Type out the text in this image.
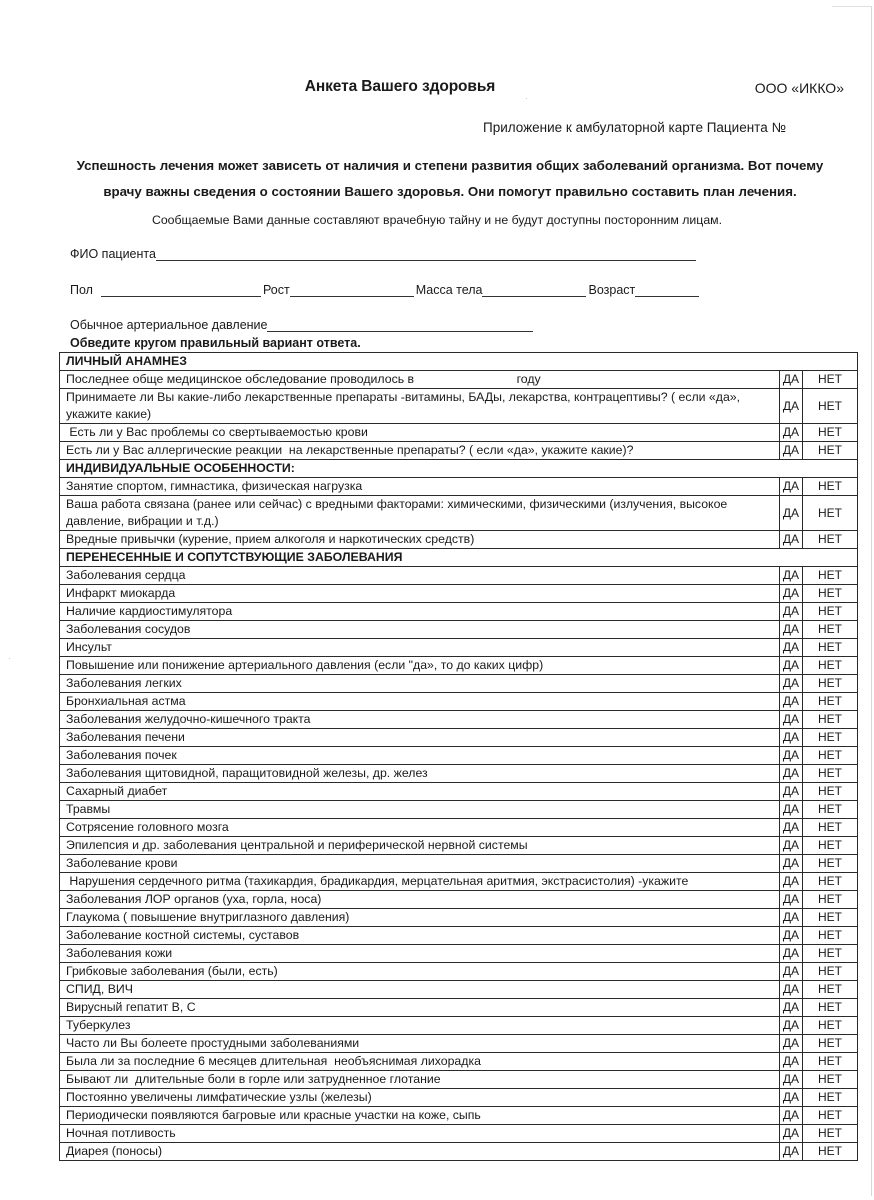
Анкета Вашего здоровья	ООО «ИККО»
Приложение к амбулаторной карте Пациента №
Успешность лечения может зависеть от наличия и степени развития общих заболеваний организма. Вот почему
врачу важны сведения о состоянии Вашего здоровья. Они помогут правильно составить план лечения.
Сообщаемые Вами данные составляют врачебную тайну и не будут доступны посторонним лицам.
ФИО пациента
Пол	Рост	Масса тела	Возраст
Обычное артериальное давление
Обведите кругом правильный вариант ответа.
ЛИЧНЫЙ АНАМНЕЗ		
Последнее обще медицинское обследование проводилось в                              году	ДА	НЕТ
Принимаете ли Вы какие-либо лекарственные препараты -витамины, БАДы, лекарства, контрацептивы? ( если «да», укажите какие)	ДА	НЕТ
Есть ли у Вас проблемы со свертываемостью крови	ДА	НЕТ
Есть ли у Вас аллергические реакции  на лекарственные препараты? ( если «да», укажите какие)?	ДА	НЕТ
ИНДИВИДУАЛЬНЫЕ ОСОБЕННОСТИ:		
Занятие спортом, гимнастика, физическая нагрузка	ДА	НЕТ
Ваша работа связана (ранее или сейчас) с вредными факторами: химическими, физическими (излучения, высокое давление, вибрации и т.д.)	ДА	НЕТ
Вредные привычки (курение, прием алкоголя и наркотических средств)	ДА	НЕТ
ПЕРЕНЕСЕННЫЕ И СОПУТСТВУЮЩИЕ ЗАБОЛЕВАНИЯ		
Заболевания сердца	ДА	НЕТ
Инфаркт миокарда	ДА	НЕТ
Наличие кардиостимулятора	ДА	НЕТ
Заболевания сосудов	ДА	НЕТ
Инсульт	ДА	НЕТ
Повышение или понижение артериального давления (если "да», то до каких цифр)	ДА	НЕТ
Заболевания легких	ДА	НЕТ
Бронхиальная астма	ДА	НЕТ
Заболевания желудочно-кишечного тракта	ДА	НЕТ
Заболевания печени	ДА	НЕТ
Заболевания почек	ДА	НЕТ
Заболевания щитовидной, паращитовидной железы, др. желез	ДА	НЕТ
Сахарный диабет	ДА	НЕТ
Травмы	ДА	НЕТ
Сотрясение головного мозга	ДА	НЕТ
Эпилепсия и др. заболевания центральной и периферической нервной системы	ДА	НЕТ
Заболевание крови	ДА	НЕТ
Нарушения сердечного ритма (тахикардия, брадикардия, мерцательная аритмия, экстрасистолия) -укажите	ДА	НЕТ
Заболевания ЛОР органов (уха, горла, носа)	ДА	НЕТ
Глаукома ( повышение внутриглазного давления)	ДА	НЕТ
Заболевание костной системы, суставов	ДА	НЕТ
Заболевания кожи	ДА	НЕТ
Грибковые заболевания (были, есть)	ДА	НЕТ
СПИД, ВИЧ	ДА	НЕТ
Вирусный гепатит В, С	ДА	НЕТ
Туберкулез	ДА	НЕТ
Часто ли Вы болеете простудными заболеваниями	ДА	НЕТ
Была ли за последние 6 месяцев длительная  необъяснимая лихорадка	ДА	НЕТ
Бывают ли  длительные боли в горле или затрудненное глотание	ДА	НЕТ
Постоянно увеличены лимфатические узлы (железы)	ДА	НЕТ
Периодически появляются багровые или красные участки на коже, сыпь	ДА	НЕТ
Ночная потливость	ДА	НЕТ
Диарея (поносы)	ДА	НЕТ
·
·
